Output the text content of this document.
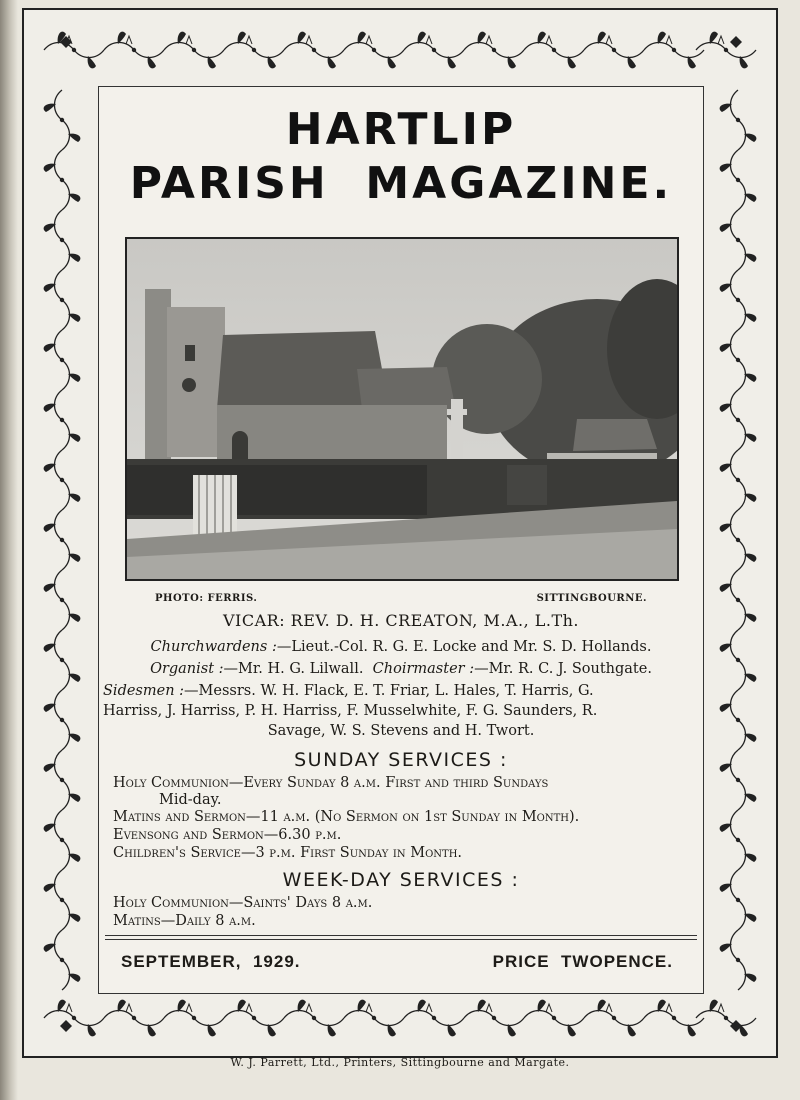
HARTLIP
PARISH  MAGAZINE.
PHOTO: FERRIS.	SITTINGBOURNE.
VICAR: REV. D. H. CREATON, M.A., L.Th.
Churchwardens :—Lieut.-Col. R. G. E. Locke and Mr. S. D. Hollands.
Organist :—Mr. H. G. Lilwall. Choirmaster :—Mr. R. C. J. Southgate.
Sidesmen :—Messrs. W. H. Flack, E. T. Friar, L. Hales, T. Harris, G.
Harriss, J. Harriss, P. H. Harriss, F. Musselwhite, F. G. Saunders, R.
Savage, W. S. Stevens and H. Twort.
SUNDAY SERVICES :
Holy Communion—Every Sunday 8 a.m. First and third Sundays
Mid-day.
Matins and Sermon—11 a.m. (No Sermon on 1st Sunday in Month).
Evensong and Sermon—6.30 p.m.
Children's Service—3 p.m. First Sunday in Month.
WEEK-DAY SERVICES :
Holy Communion—Saints' Days 8 a.m.
Matins—Daily 8 a.m.
SEPTEMBER,  1929.	PRICE  TWOPENCE.
W. J. Parrett, Ltd., Printers, Sittingbourne and Margate.
